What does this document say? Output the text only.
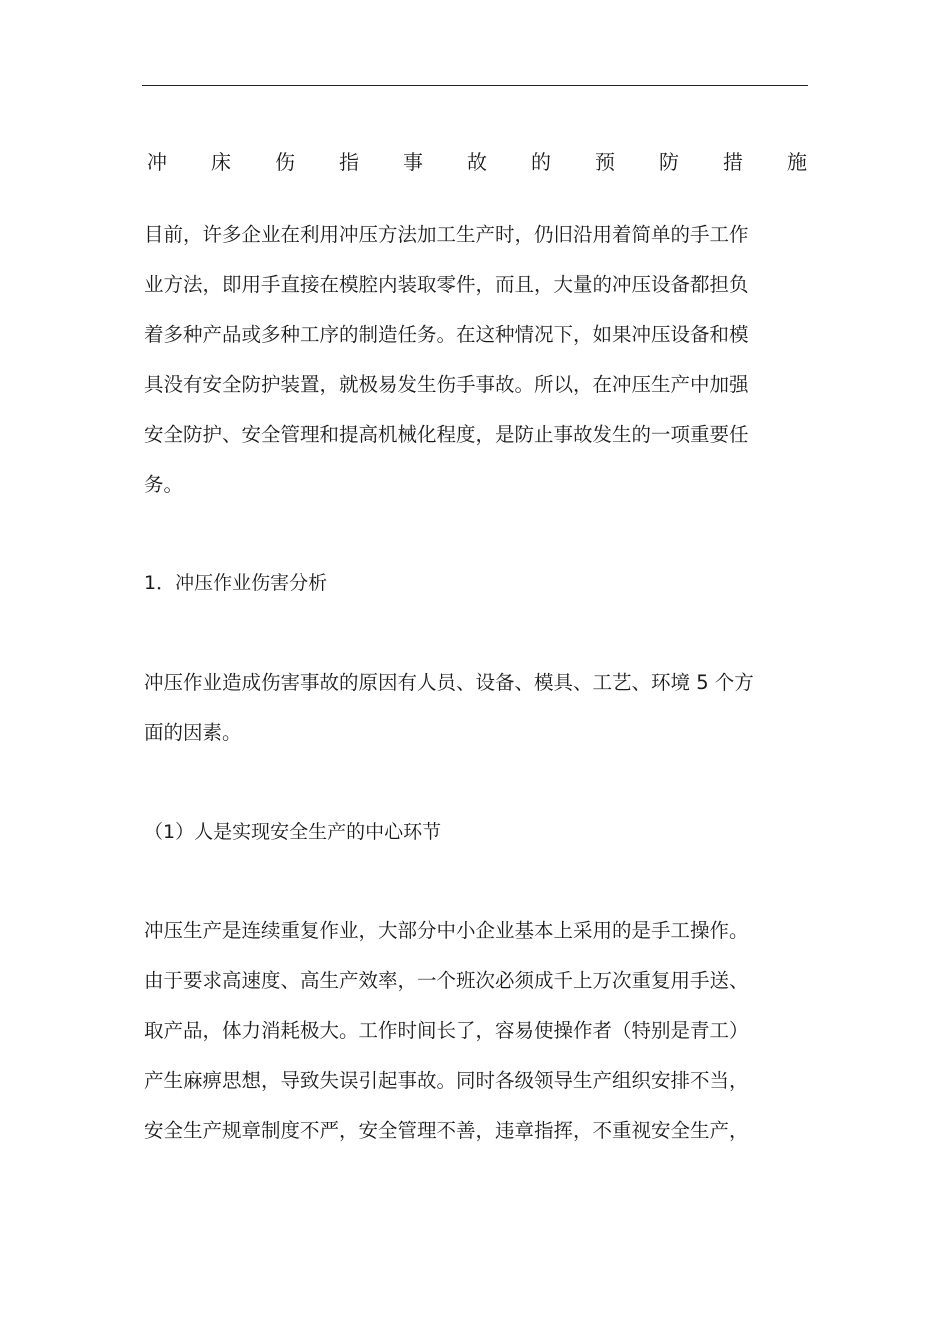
冲 床 伤 指 事 故 的 预 防 措 施

目前，许多企业在利用冲压方法加工生产时，仍旧沿用着简单的手工作
业方法，即用手直接在模腔内装取零件，而且，大量的冲压设备都担负
着多种产品或多种工序的制造任务。在这种情况下，如果冲压设备和模
具没有安全防护装置，就极易发生伤手事故。所以，在冲压生产中加强
安全防护、安全管理和提高机械化程度，是防止事故发生的一项重要任
务。

1．冲压作业伤害分析

冲压作业造成伤害事故的原因有人员、设备、模具、工艺、环境 5 个方
面的因素。

（1）人是实现安全生产的中心环节

冲压生产是连续重复作业，大部分中小企业基本上采用的是手工操作。
由于要求高速度、高生产效率，一个班次必须成千上万次重复用手送、
取产品，体力消耗极大。工作时间长了，容易使操作者（特别是青工）
产生麻痹思想，导致失误引起事故。同时各级领导生产组织安排不当，
安全生产规章制度不严，安全管理不善，违章指挥，不重视安全生产，
